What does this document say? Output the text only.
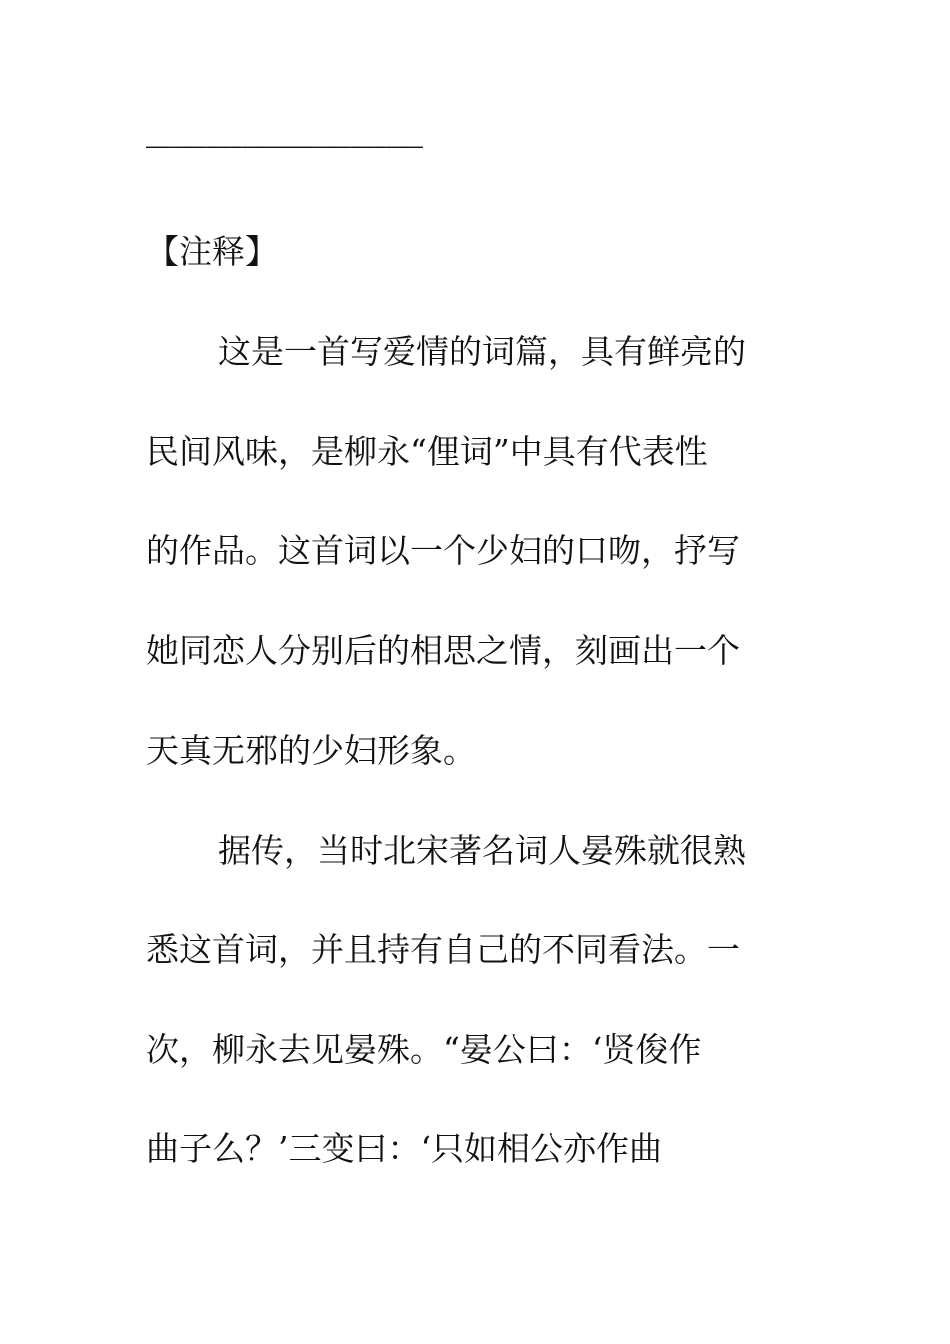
———————————————————————
【注释】
这是一首写爱情的词篇，具有鲜亮的
民间风味，是柳永“俚词”中具有代表性
的作品。这首词以一个少妇的口吻，抒写
她同恋人分别后的相思之情，刻画出一个
天真无邪的少妇形象。
据传，当时北宋著名词人晏殊就很熟
悉这首词，并且持有自己的不同看法。一
次，柳永去见晏殊。“晏公曰：‘贤俊作
曲子么？’三变曰：‘只如相公亦作曲
